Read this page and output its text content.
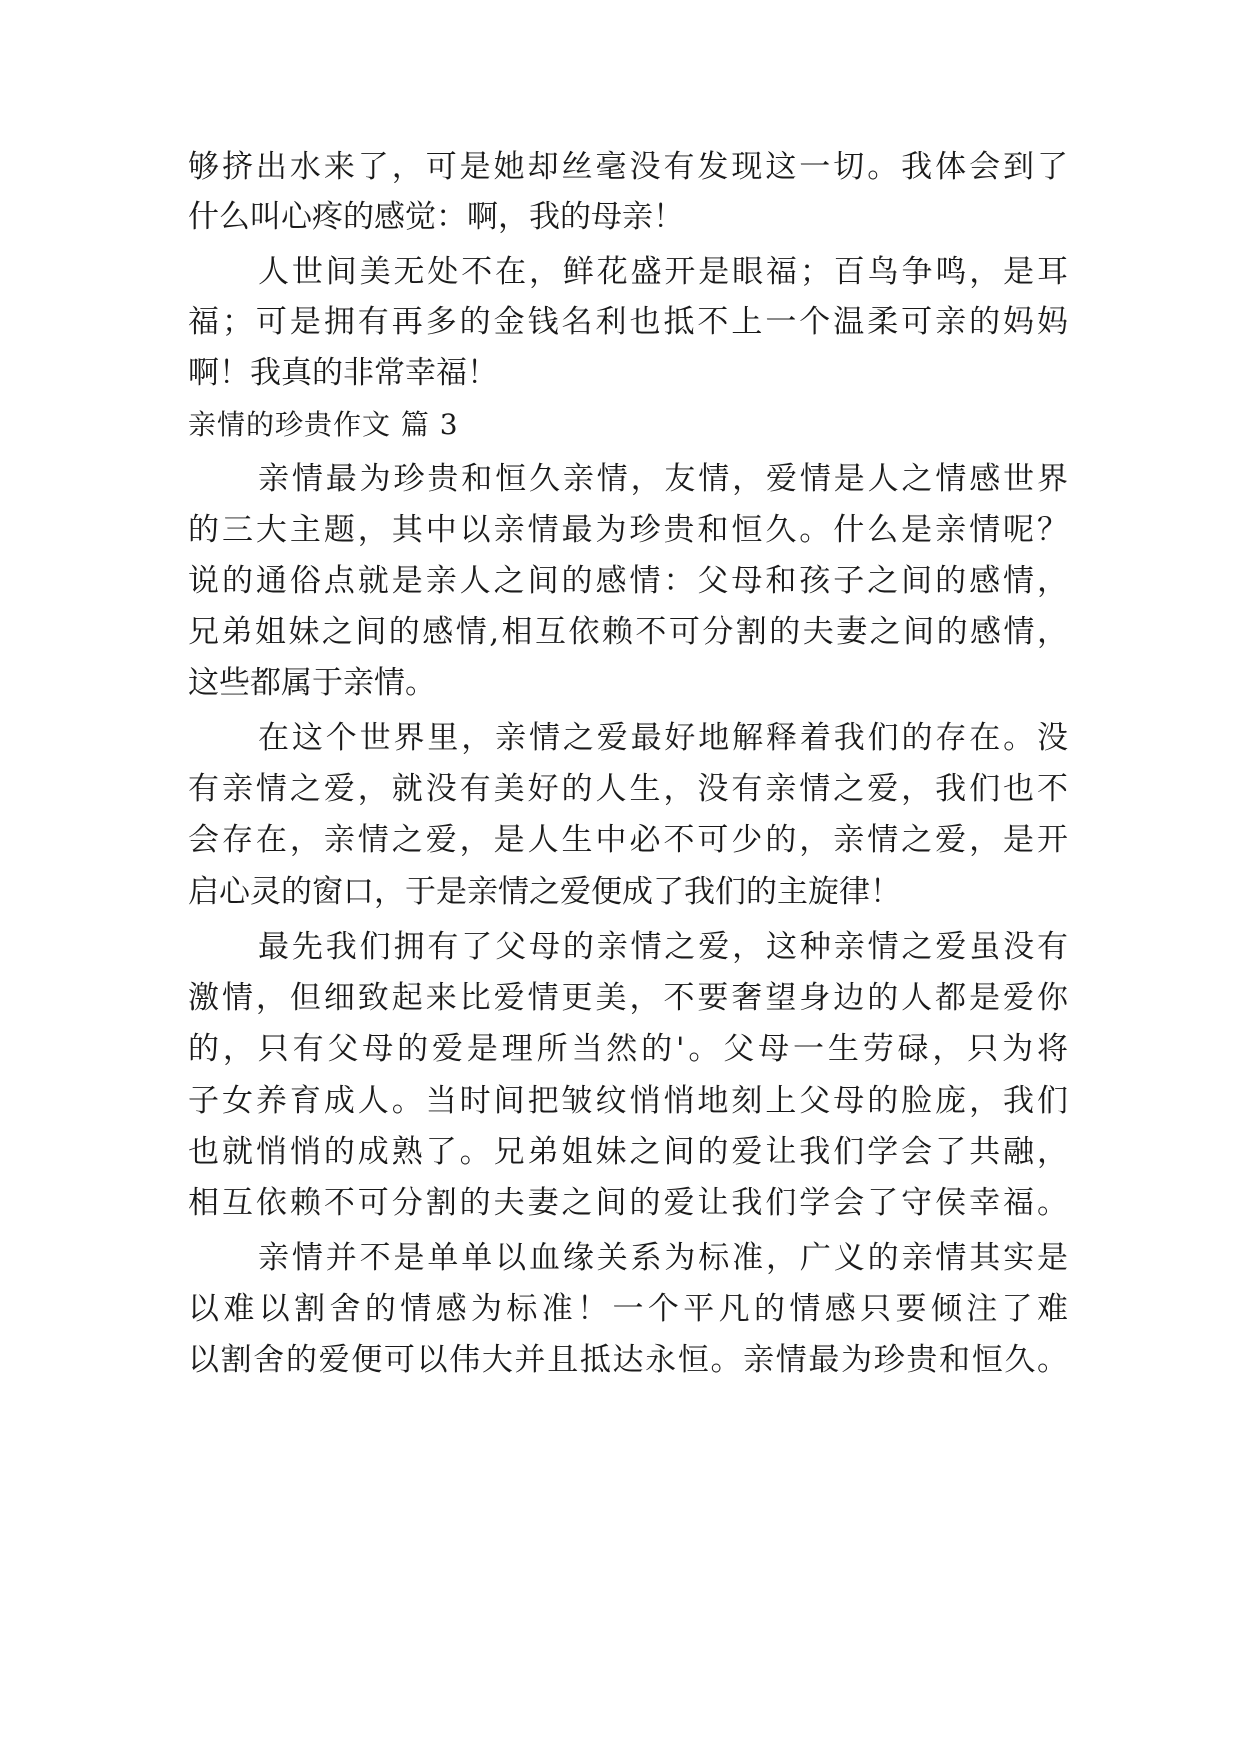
够挤出水来了，可是她却丝毫没有发现这一切。我体会到了
什么叫心疼的感觉：啊，我的母亲！
人世间美无处不在，鲜花盛开是眼福；百鸟争鸣，是耳
福；可是拥有再多的金钱名利也抵不上一个温柔可亲的妈妈
啊！我真的非常幸福！
亲情的珍贵作文 篇 3
亲情最为珍贵和恒久亲情，友情，爱情是人之情感世界
的三大主题，其中以亲情最为珍贵和恒久。什么是亲情呢？
说的通俗点就是亲人之间的感情：父母和孩子之间的感情，
兄弟姐妹之间的感情,相互依赖不可分割的夫妻之间的感情，
这些都属于亲情。
在这个世界里，亲情之爱最好地解释着我们的存在。没
有亲情之爱，就没有美好的人生，没有亲情之爱，我们也不
会存在，亲情之爱，是人生中必不可少的，亲情之爱，是开
启心灵的窗口，于是亲情之爱便成了我们的主旋律！
最先我们拥有了父母的亲情之爱，这种亲情之爱虽没有
激情，但细致起来比爱情更美，不要奢望身边的人都是爱你
的，只有父母的爱是理所当然的'。父母一生劳碌，只为将
子女养育成人。当时间把皱纹悄悄地刻上父母的脸庞，我们
也就悄悄的成熟了。兄弟姐妹之间的爱让我们学会了共融，
相互依赖不可分割的夫妻之间的爱让我们学会了守侯幸福。
亲情并不是单单以血缘关系为标准，广义的亲情其实是
以难以割舍的情感为标准！一个平凡的情感只要倾注了难
以割舍的爱便可以伟大并且抵达永恒。亲情最为珍贵和恒久。
